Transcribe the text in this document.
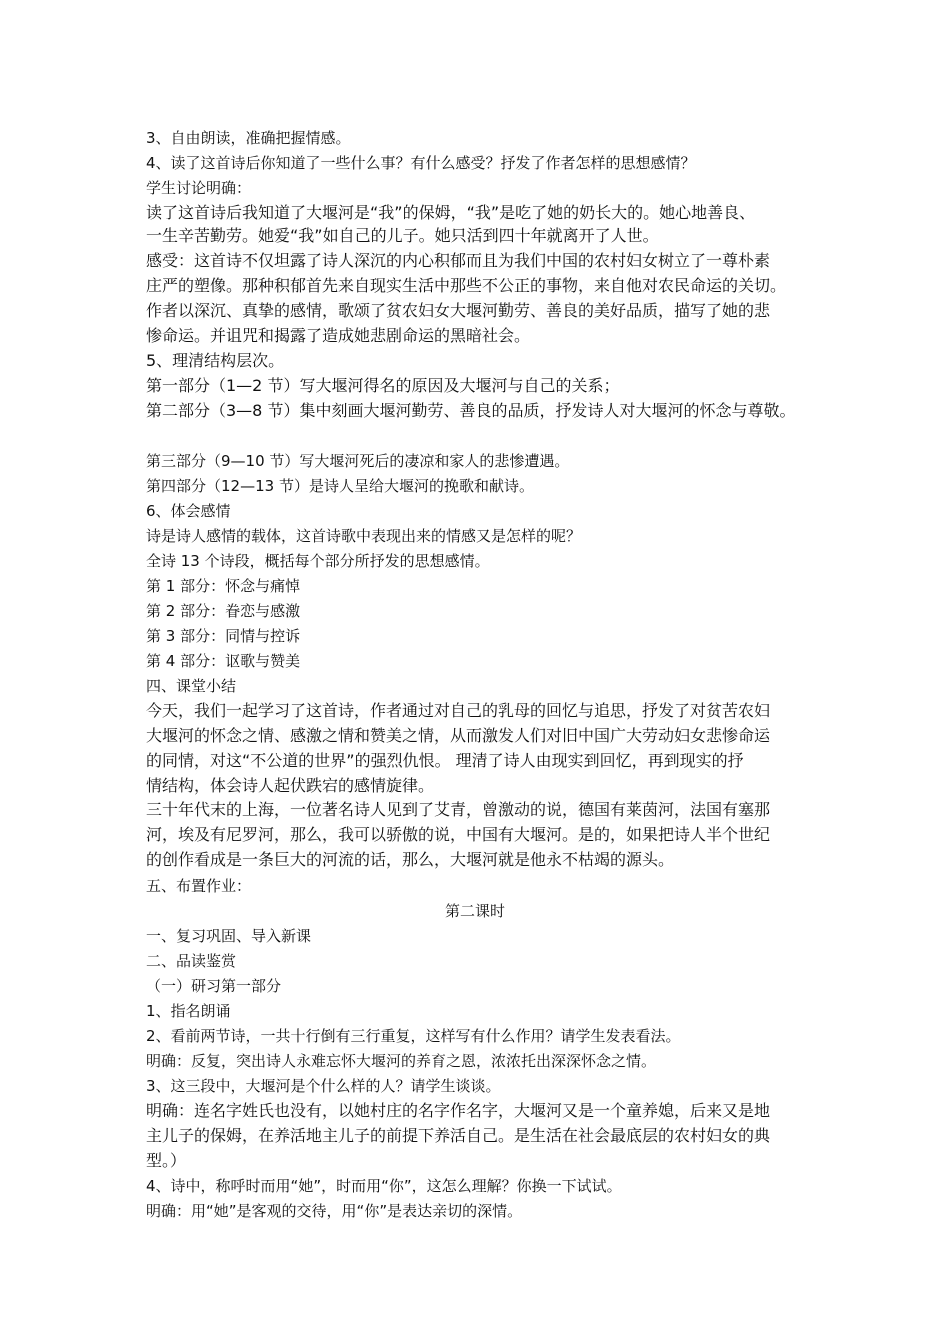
3、自由朗读，准确把握情感。

4、读了这首诗后你知道了一些什么事？有什么感受？抒发了作者怎样的思想感情？

学生讨论明确：

读了这首诗后我知道了大堰河是“我”的保姆，“我”是吃了她的奶长大的。她心地善良、

一生辛苦勤劳。她爱“我”如自己的儿子。她只活到四十年就离开了人世。

感受：这首诗不仅坦露了诗人深沉的内心积郁而且为我们中国的农村妇女树立了一尊朴素

庄严的塑像。那种积郁首先来自现实生活中那些不公正的事物，来自他对农民命运的关切。

作者以深沉、真挚的感情，歌颂了贫农妇女大堰河勤劳、善良的美好品质，描写了她的悲

惨命运。并诅咒和揭露了造成她悲剧命运的黑暗社会。

5、理清结构层次。

第一部分（1—2 节）写大堰河得名的原因及大堰河与自己的关系；

第二部分（3—8 节）集中刻画大堰河勤劳、善良的品质，抒发诗人对大堰河的怀念与尊敬。

第三部分（9—10 节）写大堰河死后的凄凉和家人的悲惨遭遇。

第四部分（12—13 节）是诗人呈给大堰河的挽歌和献诗。

6、体会感情

诗是诗人感情的载体，这首诗歌中表现出来的情感又是怎样的呢？

全诗 13 个诗段，概括每个部分所抒发的思想感情。

第 1 部分：怀念与痛悼

第 2 部分：眷恋与感激

第 3 部分：同情与控诉

第 4 部分：讴歌与赞美

四、课堂小结

今天，我们一起学习了这首诗，作者通过对自己的乳母的回忆与追思，抒发了对贫苦农妇

大堰河的怀念之情、感激之情和赞美之情，从而激发人们对旧中国广大劳动妇女悲惨命运

的同情，对这“不公道的世界”的强烈仇恨。 理清了诗人由现实到回忆，再到现实的抒

情结构，体会诗人起伏跌宕的感情旋律。

三十年代末的上海，一位著名诗人见到了艾青，曾激动的说，德国有莱茵河，法国有塞那

河，埃及有尼罗河，那么，我可以骄傲的说，中国有大堰河。是的，如果把诗人半个世纪

的创作看成是一条巨大的河流的话，那么，大堰河就是他永不枯竭的源头。

五、布置作业：

第二课时

一、复习巩固、导入新课

二、品读鉴赏

（一）研习第一部分

1、指名朗诵

2、看前两节诗，一共十行倒有三行重复，这样写有什么作用？请学生发表看法。

明确：反复，突出诗人永难忘怀大堰河的养育之恩，浓浓托出深深怀念之情。

3、这三段中，大堰河是个什么样的人？请学生谈谈。

明确：连名字姓氏也没有，以她村庄的名字作名字，大堰河又是一个童养媳，后来又是地

主儿子的保姆，在养活地主儿子的前提下养活自己。是生活在社会最底层的农村妇女的典

型。）

4、诗中，称呼时而用“她”，时而用“你”，这怎么理解？你换一下试试。

明确：用“她”是客观的交待，用“你”是表达亲切的深情。
